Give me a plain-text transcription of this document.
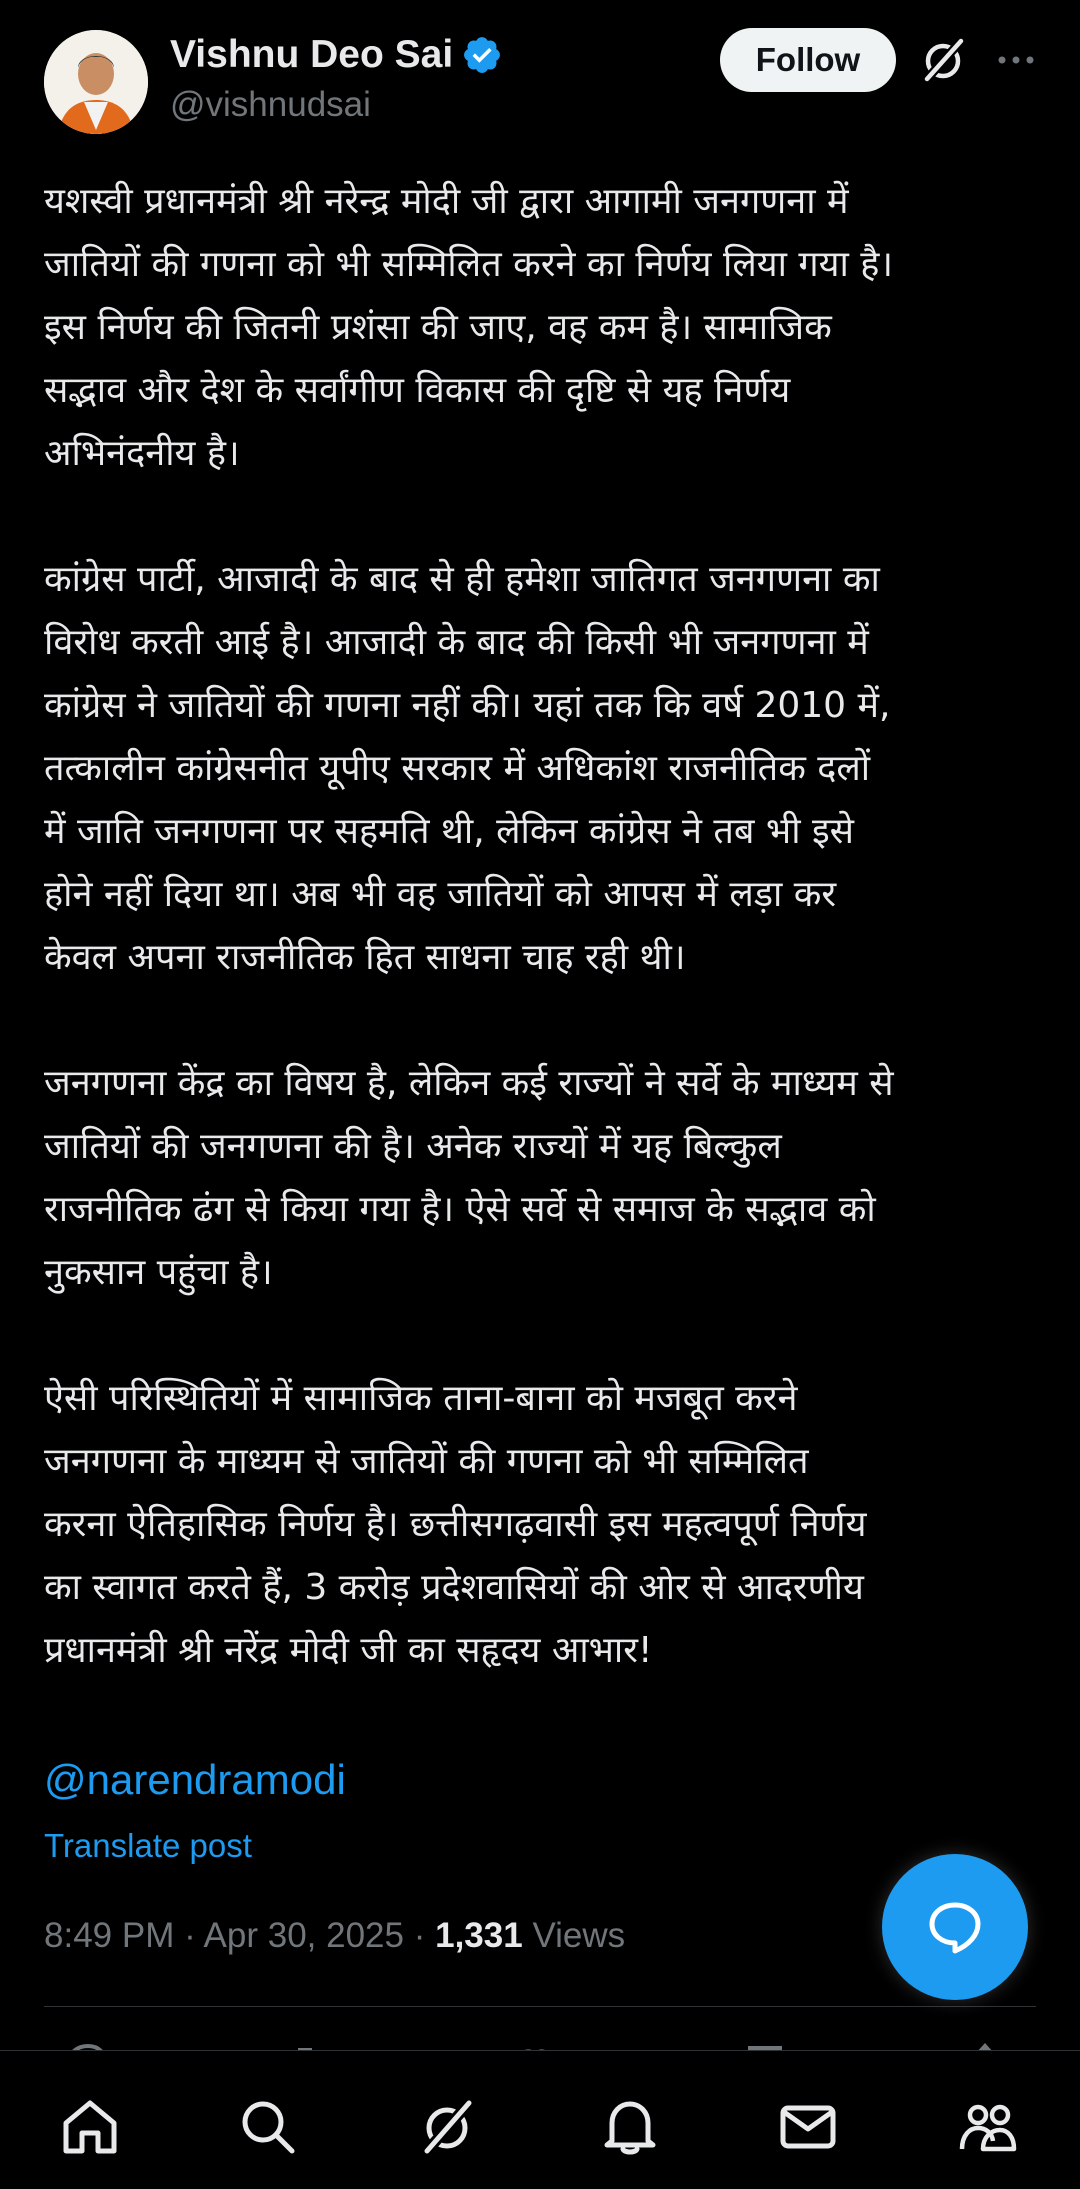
Vishnu Deo Sai
@vishnudsai
Follow

यशस्वी प्रधानमंत्री श्री नरेन्द्र मोदी जी द्वारा आगामी जनगणना में
जातियों की गणना को भी सम्मिलित करने का निर्णय लिया गया है।
इस निर्णय की जितनी प्रशंसा की जाए, वह कम है। सामाजिक
सद्भाव और देश के सर्वांगीण विकास की दृष्टि से यह निर्णय
अभिनंदनीय है।

कांग्रेस पार्टी, आजादी के बाद से ही हमेशा जातिगत जनगणना का
विरोध करती आई है। आजादी के बाद की किसी भी जनगणना में
कांग्रेस ने जातियों की गणना नहीं की। यहां तक कि वर्ष 2010 में,
तत्कालीन कांग्रेसनीत यूपीए सरकार में अधिकांश राजनीतिक दलों
में जाति जनगणना पर सहमति थी, लेकिन कांग्रेस ने तब भी इसे
होने नहीं दिया था। अब भी वह जातियों को आपस में लड़ा कर
केवल अपना राजनीतिक हित साधना चाह रही थी।

जनगणना केंद्र का विषय है, लेकिन कई राज्यों ने सर्वे के माध्यम से
जातियों की जनगणना की है। अनेक राज्यों में यह बिल्कुल
राजनीतिक ढंग से किया गया है। ऐसे सर्वे से समाज के सद्भाव को
नुकसान पहुंचा है।

ऐसी परिस्थितियों में सामाजिक ताना-बाना को मजबूत करने
जनगणना के माध्यम से जातियों की गणना को भी सम्मिलित
करना ऐतिहासिक निर्णय है। छत्तीसगढ़वासी इस महत्वपूर्ण निर्णय
का स्वागत करते हैं, 3 करोड़ प्रदेशवासियों की ओर से आदरणीय
प्रधानमंत्री श्री नरेंद्र मोदी जी का सहृदय आभार!

@narendramodi
Translate post
8:49 PM · Apr 30, 2025 · 1,331 Views
